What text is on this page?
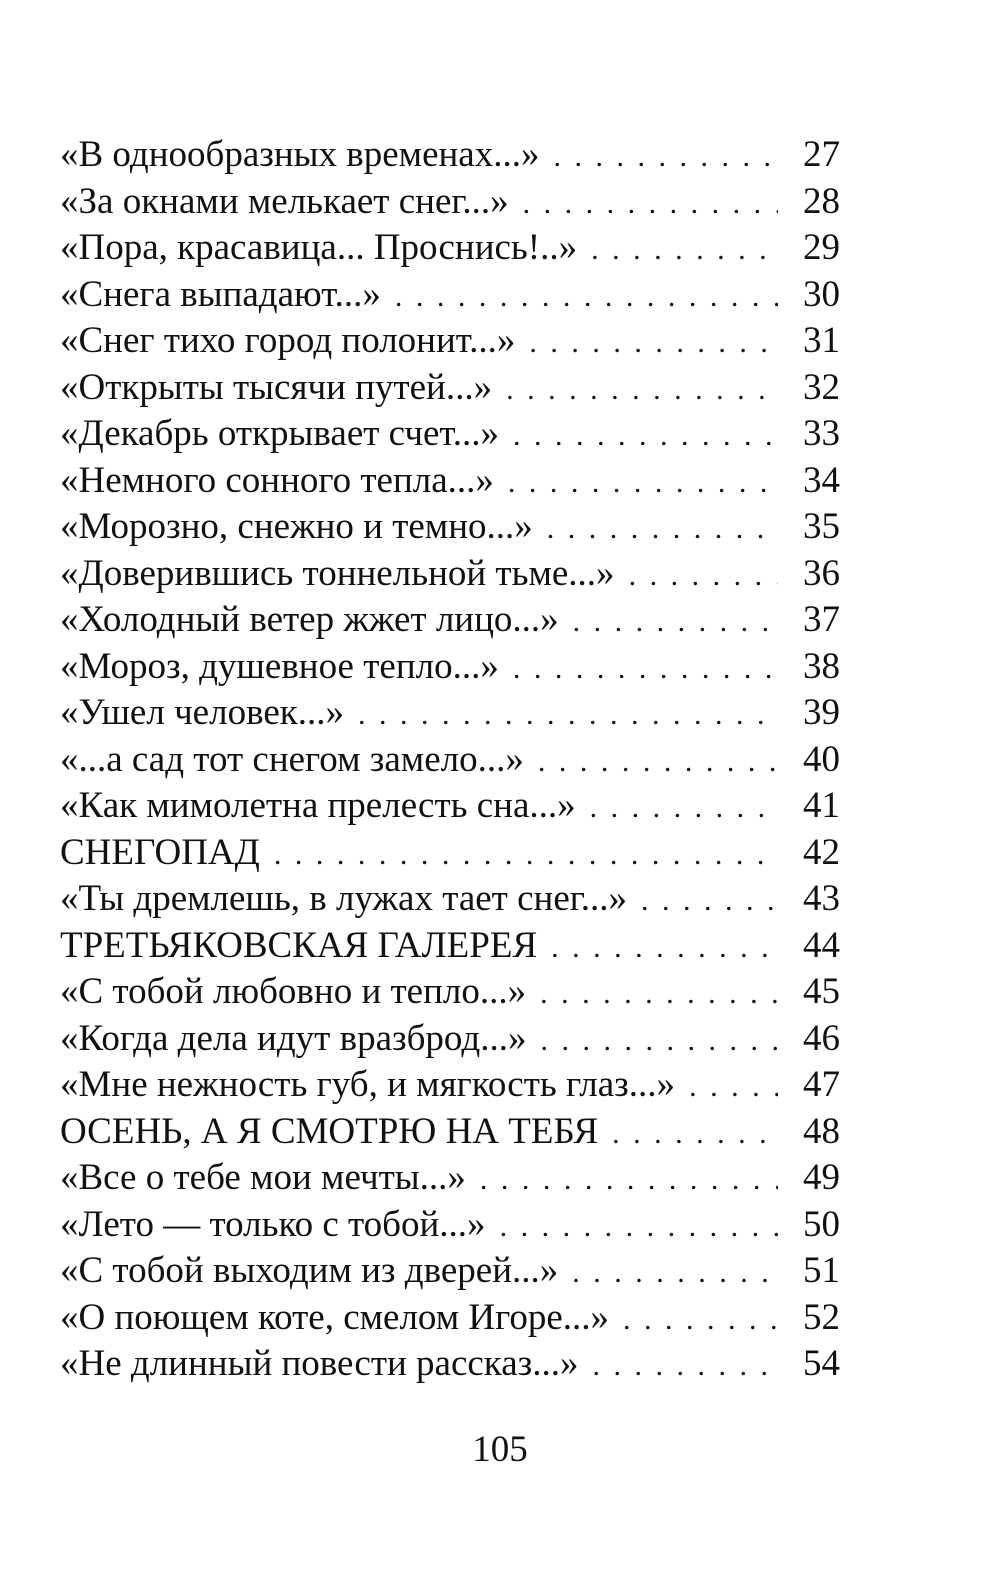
«В однообразных временах...» . . .	27
«За окнами мелькает снег...» . . .	28
«Пора, красавица... Проснись!..» . . .	29
«Снега выпадают...» . . .	30
«Снег тихо город полонит...» . . .	31
«Открыты тысячи путей...» . . .	32
«Декабрь открывает счет...» . . .	33
«Немного сонного тепла...» . . .	34
«Морозно, снежно и темно...» . . .	35
«Доверившись тоннельной тьме...» . . .	36
«Холодный ветер жжет лицо...» . . .	37
«Мороз, душевное тепло...» . . .	38
«Ушел человек...» . . .	39
«...а сад тот снегом замело...» . . .	40
«Как мимолетна прелесть сна...» . . .	41
СНЕГОПАД . . .	42
«Ты дремлешь, в лужах тает снег...» . . .	43
ТРЕТЬЯКОВСКАЯ ГАЛЕРЕЯ . . .	44
«С тобой любовно и тепло...» . . .	45
«Когда дела идут вразброд...» . . .	46
«Мне нежность губ, и мягкость глаз...» . . .	47
ОСЕНЬ, А Я СМОТРЮ НА ТЕБЯ . . .	48
«Все о тебе мои мечты...» . . .	49
«Лето — только с тобой...» . . .	50
«С тобой выходим из дверей...» . . .	51
«О поющем коте, смелом Игоре...» . . .	52
«Не длинный повести рассказ...» . . .	54
105
